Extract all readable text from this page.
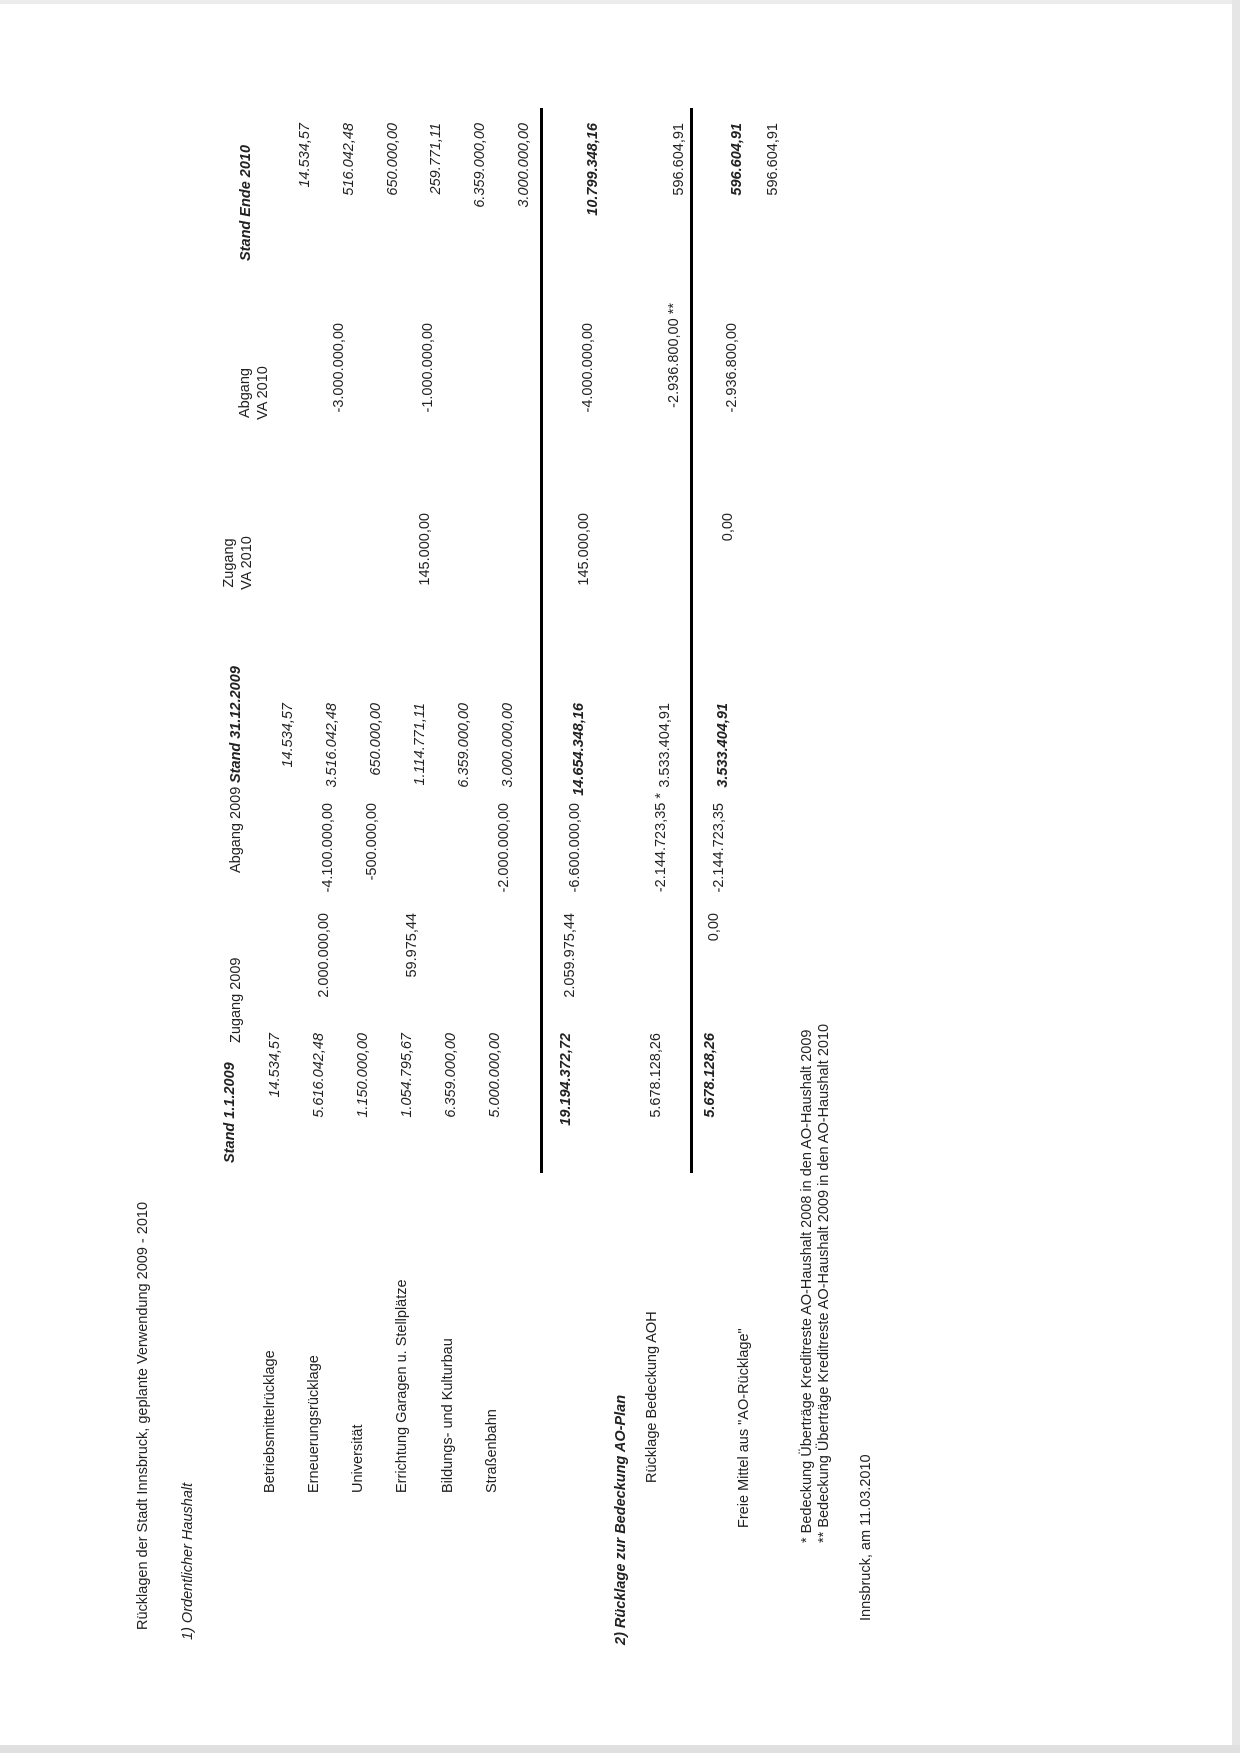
Rücklagen der Stadt Innsbruck, geplante Verwendung 2009 - 2010 1) Ordentlicher Haushalt
Stand 1.1.2009
Zugang 2009
Abgang 2009
Stand 31.12.2009
Zugang VA 2010
Abgang VA 2010
Stand Ende 2010
Betriebsmittelrücklage
14.534,57
14.534,57
14.534,57
Erneuerungsrücklage
5.616.042,48
2.000.000,00
-4.100.000,00
3.516.042,48
-3.000.000,00
516.042,48
Universität
1.150.000,00
-500.000,00
650.000,00
650.000,00
Errichtung Garagen u. Stellplätze
1.054.795,67
59.975,44
1.114.771,11
145.000,00
-1.000.000,00
259.771,11
Bildungs- und Kulturbau
6.359.000,00
6.359.000,00
6.359.000,00
Straßenbahn
5.000.000,00
-2.000.000,00
3.000.000,00
3.000.000,00
19.194.372,72
2.059.975,44
-6.600.000,00
14.654.348,16
145.000,00
-4.000.000,00
10.799.348,16
2) Rücklage zur Bedeckung AO-Plan Rücklage Bedeckung AOH
5.678.128,26
-2.144.723,35 *
3.533.404,91
-2.936.800,00 **
596.604,91
5.678.128,26
0,00
-2.144.723,35
3.533.404,91
0,00
-2.936.800,00
596.604,91
Freie Mittel aus "AO-Rücklage"
596.604,91
* Bedeckung Überträge Kreditreste AO-Haushalt 2008 in den AO-Haushalt 2009 ** Bedeckung Überträge Kreditreste AO-Haushalt 2009 in den AO-Haushalt 2010 Innsbruck, am 11.03.2010
